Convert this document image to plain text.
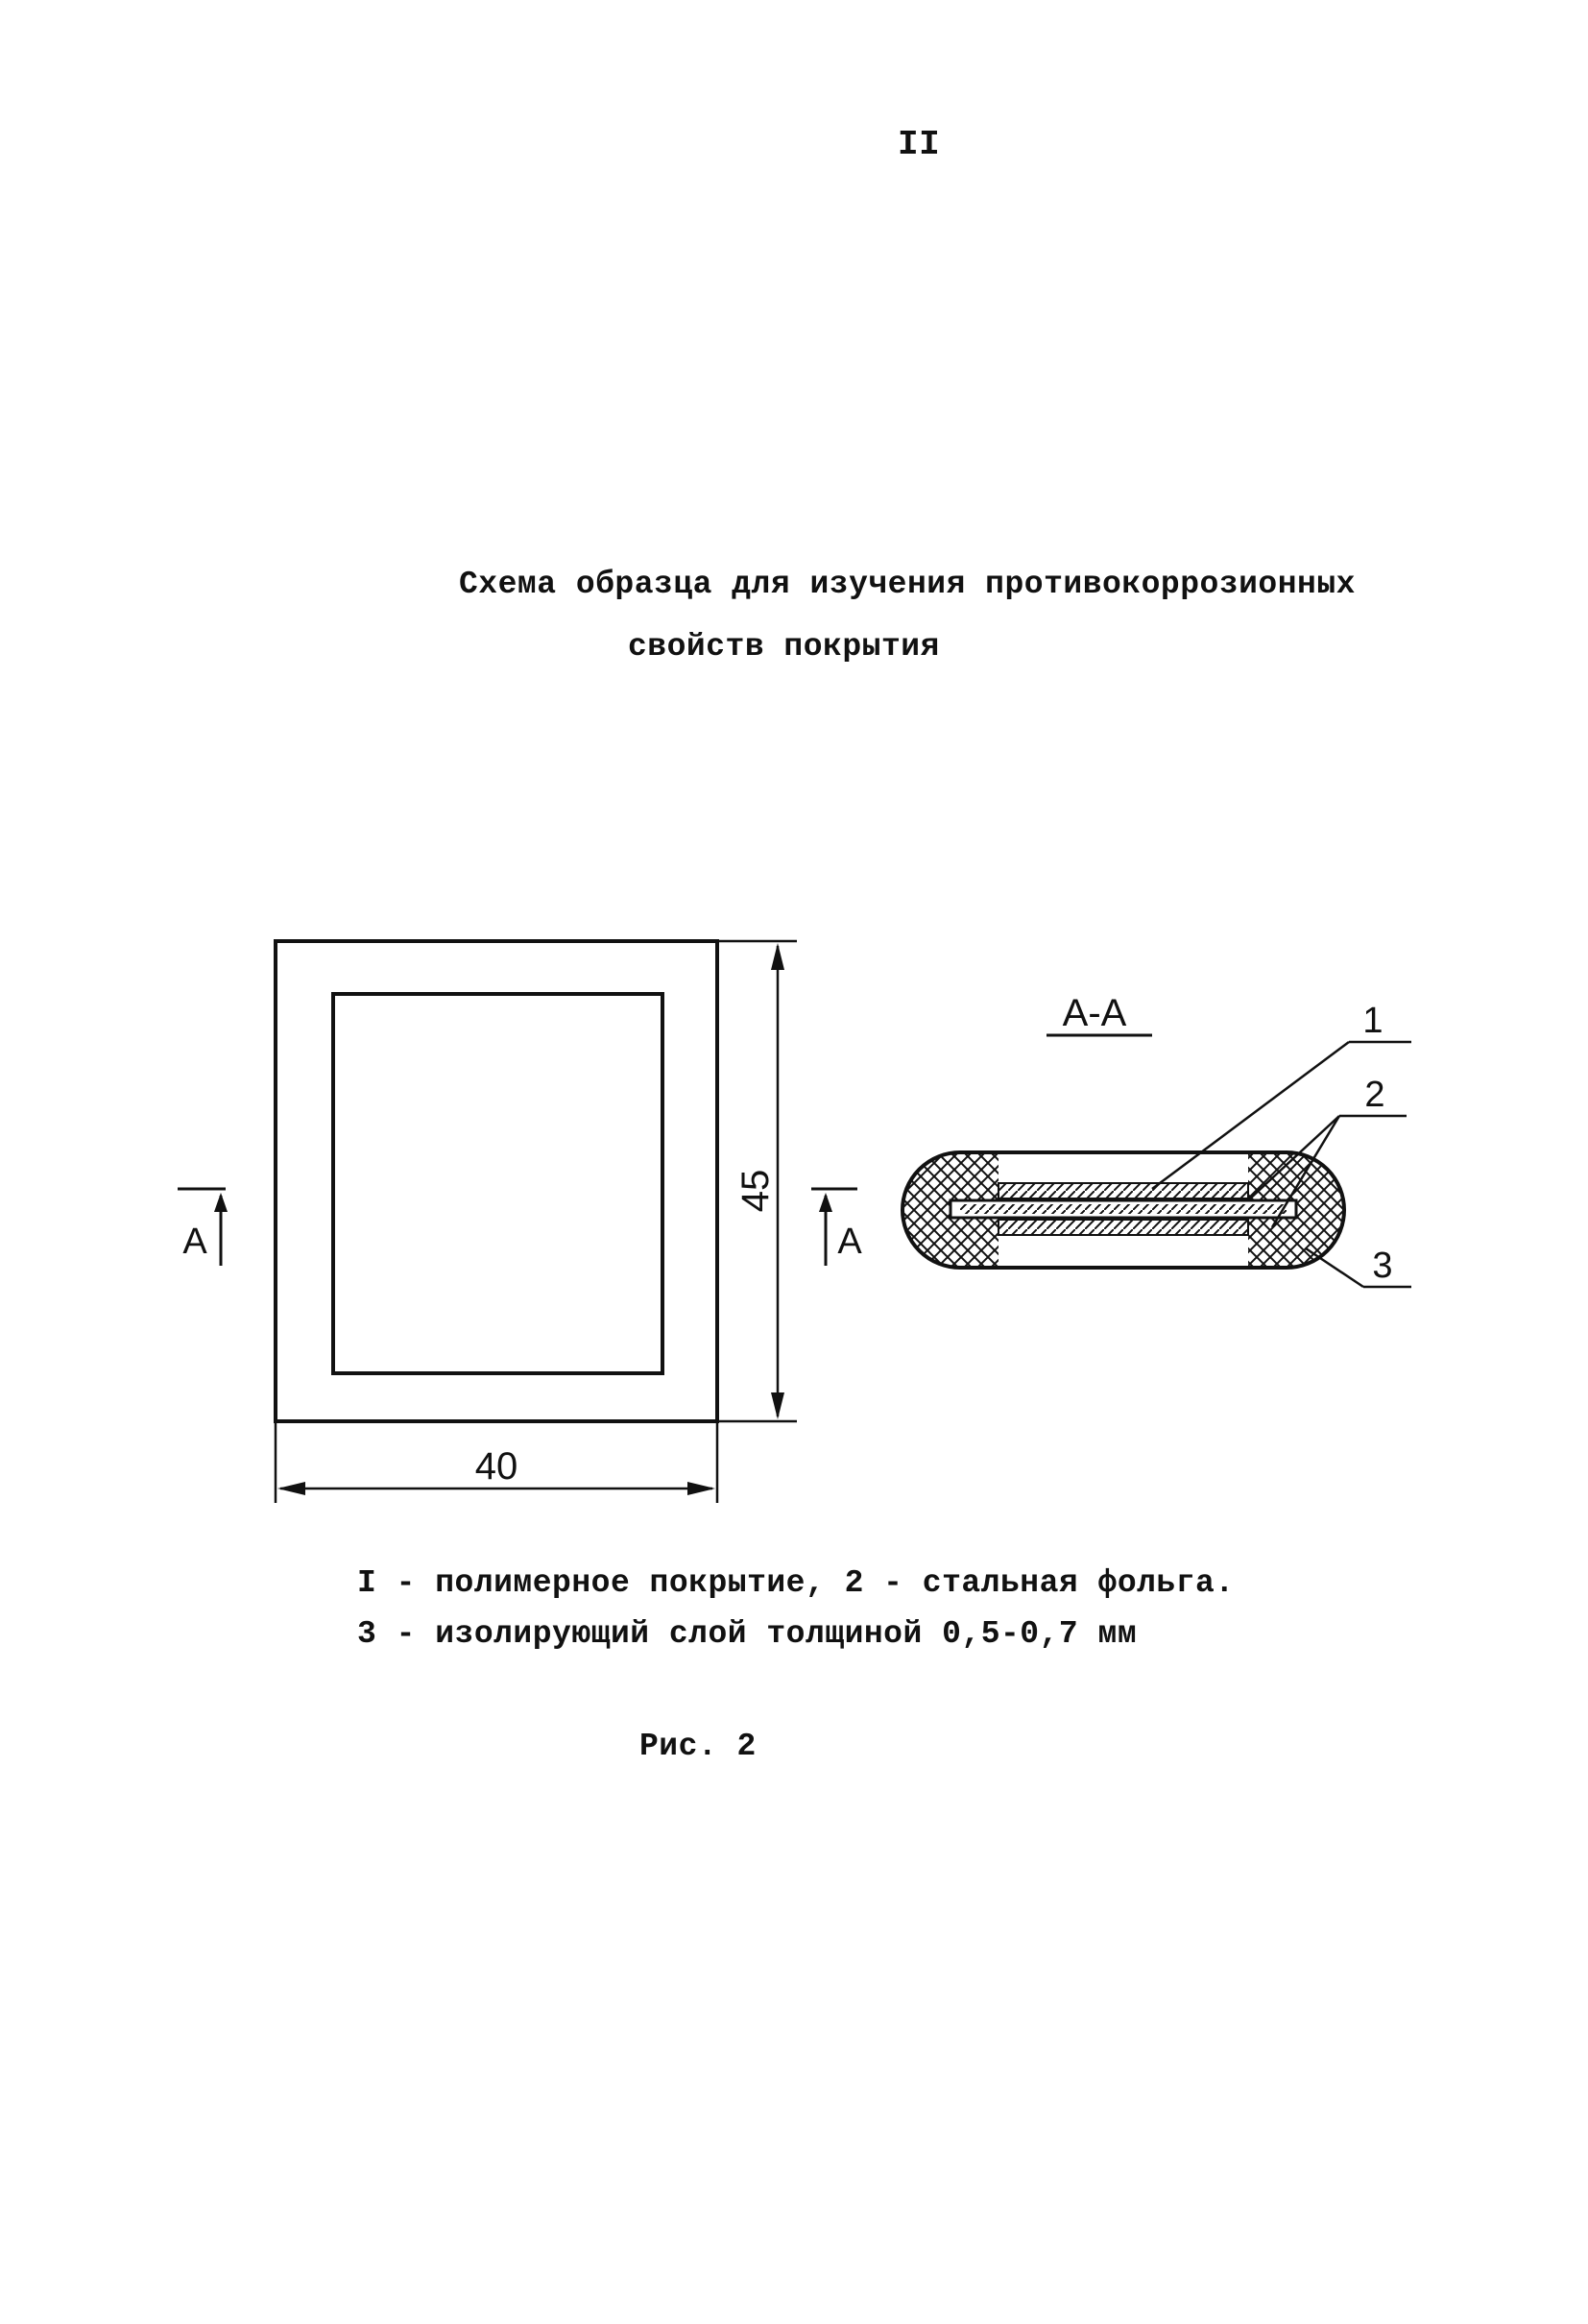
II
Схема образца для изучения противокоррозионных
свойств покрытия
45
40
A	A
А-А	1
2
3
I - полимерное покрытие, 2 - стальная фольга.
3 - изолирующий слой толщиной 0,5-0,7 мм
Рис. 2
